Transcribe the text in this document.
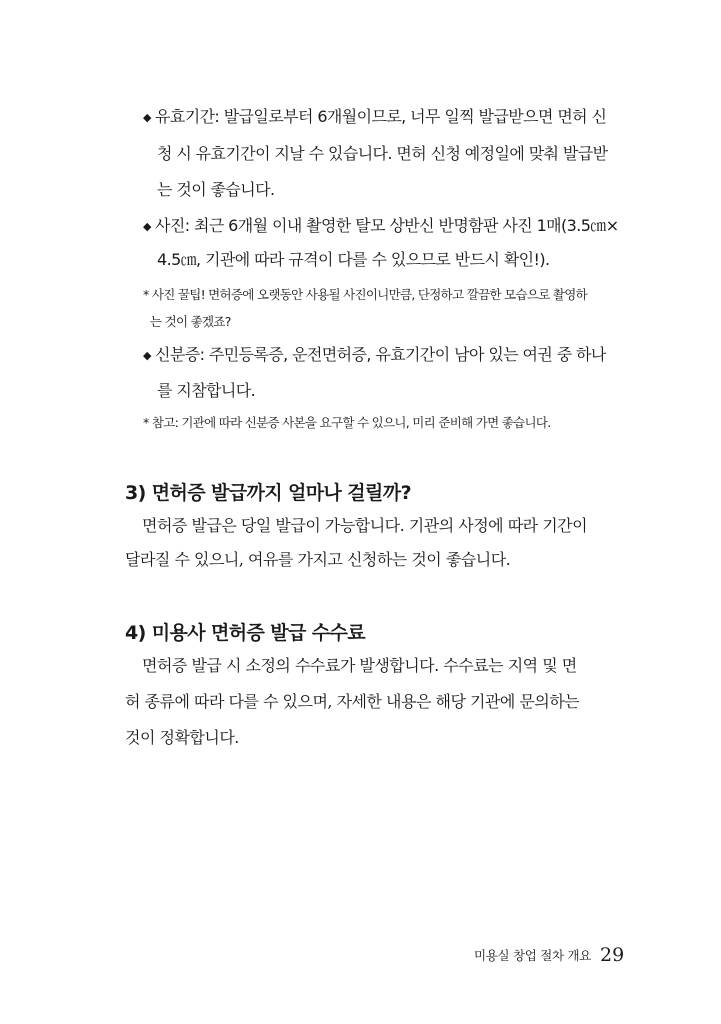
◆ 유효기간: 발급일로부터 6개월이므로, 너무 일찍 발급받으면 면허 신
청 시 유효기간이 지날 수 있습니다. 면허 신청 예정일에 맞춰 발급받
는 것이 좋습니다.
◆ 사진: 최근 6개월 이내 촬영한 탈모 상반신 반명함판 사진 1매(3.5㎝×
4.5㎝, 기관에 따라 규격이 다를 수 있으므로 반드시 확인!).
* 사진 꿀팁! 면허증에 오랫동안 사용될 사진이니만큼, 단정하고 깔끔한 모습으로 촬영하
는 것이 좋겠죠?
◆ 신분증: 주민등록증, 운전면허증, 유효기간이 남아 있는 여권 중 하나
를 지참합니다.
* 참고: 기관에 따라 신분증 사본을 요구할 수 있으니, 미리 준비해 가면 좋습니다.
3) 면허증 발급까지 얼마나 걸릴까?
면허증 발급은 당일 발급이 가능합니다. 기관의 사정에 따라 기간이
달라질 수 있으니, 여유를 가지고 신청하는 것이 좋습니다.
4) 미용사 면허증 발급 수수료
면허증 발급 시 소정의 수수료가 발생합니다. 수수료는 지역 및 면
허 종류에 따라 다를 수 있으며, 자세한 내용은 해당 기관에 문의하는
것이 정확합니다.
미용실 창업 절차 개요 29
